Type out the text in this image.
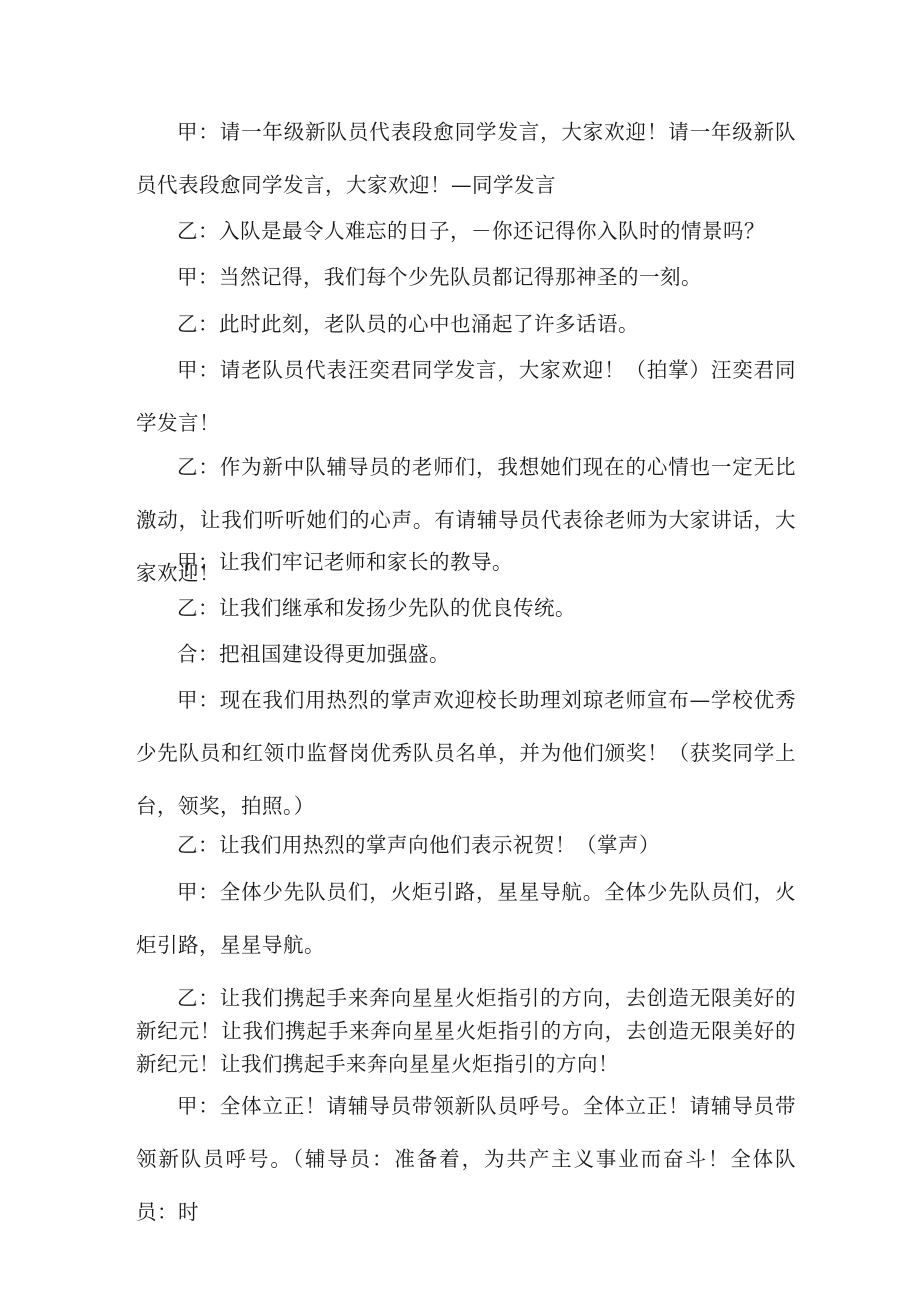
甲：请一年级新队员代表段愈同学发言，大家欢迎！请一年级新队员代表段愈同学发言，大家欢迎！—同学发言

乙：入队是最令人难忘的日子，－你还记得你入队时的情景吗？

甲：当然记得，我们每个少先队员都记得那神圣的一刻。

乙：此时此刻，老队员的心中也涌起了许多话语。

甲：请老队员代表汪奕君同学发言，大家欢迎！（拍掌）汪奕君同学发言！

乙：作为新中队辅导员的老师们，我想她们现在的心情也一定无比激动，让我们听听她们的心声。有请辅导员代表徐老师为大家讲话，大家欢迎！

甲：让我们牢记老师和家长的教导。

乙：让我们继承和发扬少先队的优良传统。

合：把祖国建设得更加强盛。

甲：现在我们用热烈的掌声欢迎校长助理刘琼老师宣布—学校优秀少先队员和红领巾监督岗优秀队员名单，并为他们颁奖！（获奖同学上台，领奖，拍照。）

乙：让我们用热烈的掌声向他们表示祝贺！（掌声）

甲：全体少先队员们，火炬引路，星星导航。全体少先队员们，火炬引路，星星导航。

乙：让我们携起手来奔向星星火炬指引的方向，去创造无限美好的新纪元！让我们携起手来奔向星星火炬指引的方向，去创造无限美好的新纪元！让我们携起手来奔向星星火炬指引的方向！

甲：全体立正！请辅导员带领新队员呼号。全体立正！请辅导员带领新队员呼号。（辅导员：准备着，为共产主义事业而奋斗！全体队员：时
